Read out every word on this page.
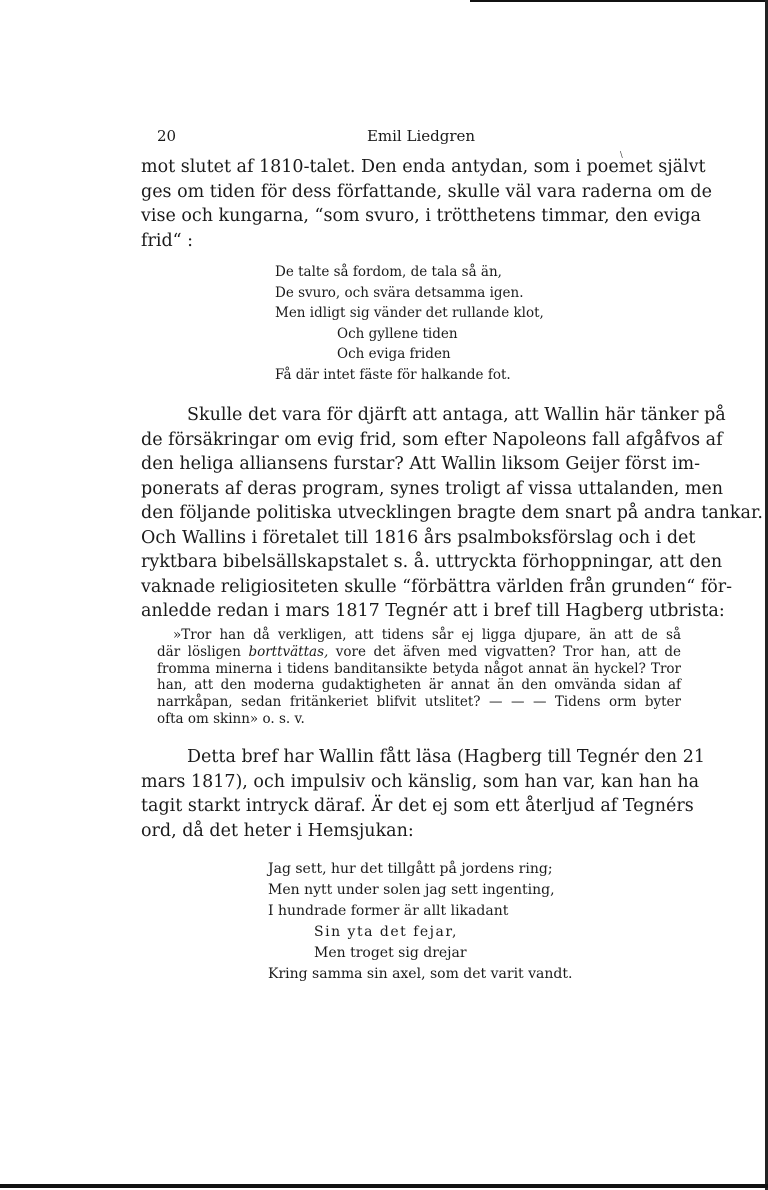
\
20	Emil Liedgren

mot slutet af 1810-talet. Den enda antydan, som i poemet självt
ges om tiden för dess författande, skulle väl vara raderna om de
vise och kungarna, “som svuro, i trötthetens timmar, den eviga
frid“ :

De talte så fordom, de tala så än,
De svuro, och svära detsamma igen.
Men idligt sig vänder det rullande klot,
Och gyllene tiden
Och eviga friden
Få där intet fäste för halkande fot.

Skulle det vara för djärft att antaga, att Wallin här tänker på
de försäkringar om evig frid, som efter Napoleons fall afgåfvos af
den heliga alliansens furstar? Att Wallin liksom Geijer först im-
ponerats af deras program, synes troligt af vissa uttalanden, men
den följande politiska utvecklingen bragte dem snart på andra tankar.
Och Wallins i företalet till 1816 års psalmboksförslag och i det
ryktbara bibelsällskapstalet s. å. uttryckta förhoppningar, att den
vaknade religiositeten skulle “förbättra världen från grunden“ för-
anledde redan i mars 1817 Tegnér att i bref till Hagberg utbrista:

»Tror han då verkligen, att tidens sår ej ligga djupare, än att de så
där lösligen borttvättas, vore det äfven med vigvatten? Tror han, att de
fromma minerna i tidens banditansikte betyda något annat än hyckel? Tror
han, att den moderna gudaktigheten är annat än den omvända sidan af
narrkåpan, sedan fritänkeriet blifvit utslitet? — — — Tidens orm byter
ofta om skinn» o. s. v.

Detta bref har Wallin fått läsa (Hagberg till Tegnér den 21
mars 1817), och impulsiv och känslig, som han var, kan han ha
tagit starkt intryck däraf. Är det ej som ett återljud af Tegnérs
ord, då det heter i Hemsjukan:

Jag sett, hur det tillgått på jordens ring;
Men nytt under solen jag sett ingenting,
I hundrade former är allt likadant
Sin yta det fejar,
Men troget sig drejar
Kring samma sin axel, som det varit vandt.
